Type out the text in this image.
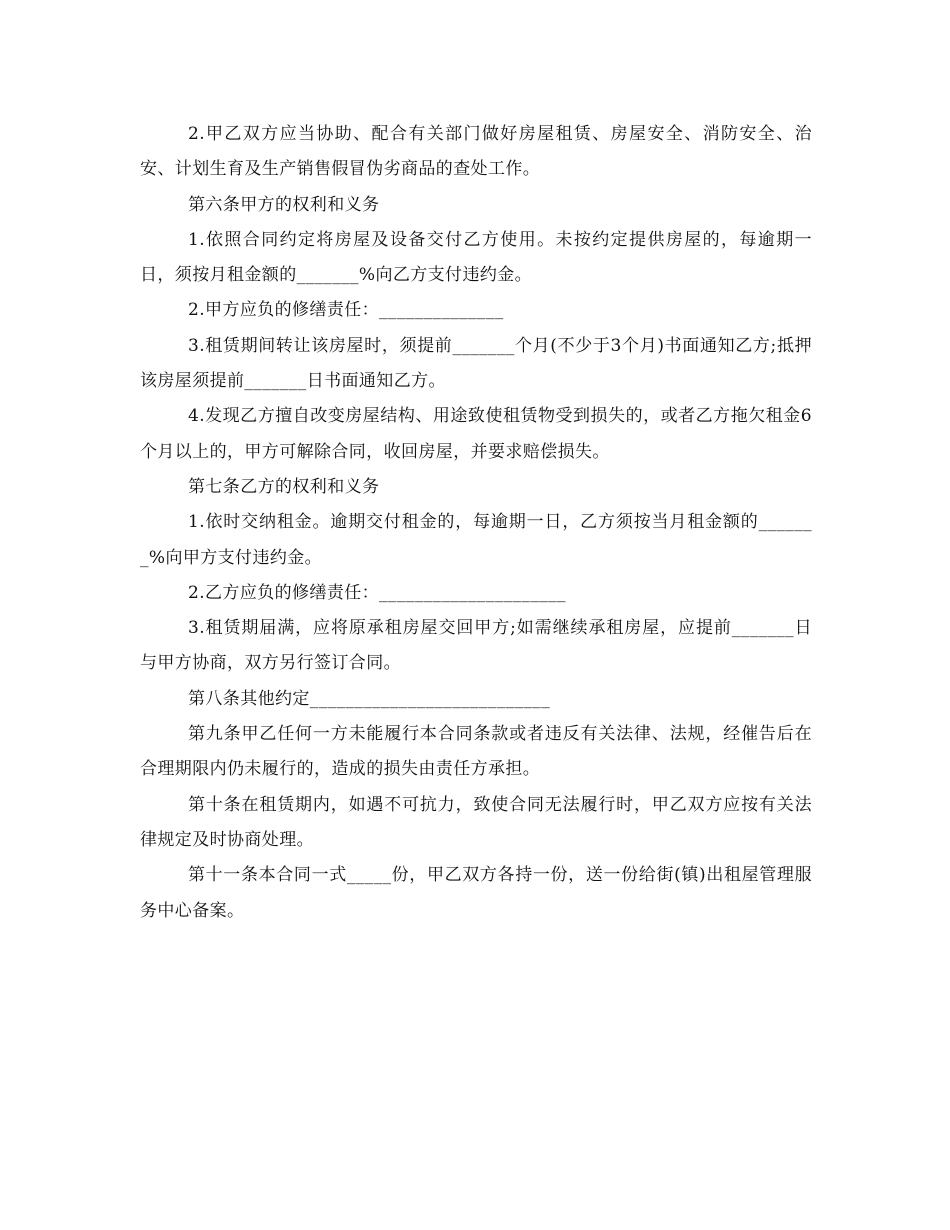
2.甲乙双方应当协助、配合有关部门做好房屋租赁、房屋安全、消防安全、治安、计划生育及生产销售假冒伪劣商品的查处工作。

第六条甲方的权利和义务

1.依照合同约定将房屋及设备交付乙方使用。未按约定提供房屋的，每逾期一日，须按月租金额的_______%向乙方支付违约金。

2.甲方应负的修缮责任：______________

3.租赁期间转让该房屋时，须提前_______个月(不少于3个月)书面通知乙方;抵押该房屋须提前_______日书面通知乙方。

4.发现乙方擅自改变房屋结构、用途致使租赁物受到损失的，或者乙方拖欠租金6个月以上的，甲方可解除合同，收回房屋，并要求赔偿损失。

第七条乙方的权利和义务

1.依时交纳租金。逾期交付租金的，每逾期一日，乙方须按当月租金额的_______%向甲方支付违约金。

2.乙方应负的修缮责任：_____________________

3.租赁期届满，应将原承租房屋交回甲方;如需继续承租房屋，应提前_______日与甲方协商，双方另行签订合同。

第八条其他约定___________________________

第九条甲乙任何一方未能履行本合同条款或者违反有关法律、法规，经催告后在合理期限内仍未履行的，造成的损失由责任方承担。

第十条在租赁期内，如遇不可抗力，致使合同无法履行时，甲乙双方应按有关法律规定及时协商处理。

第十一条本合同一式_____份，甲乙双方各持一份，送一份给街(镇)出租屋管理服务中心备案。
